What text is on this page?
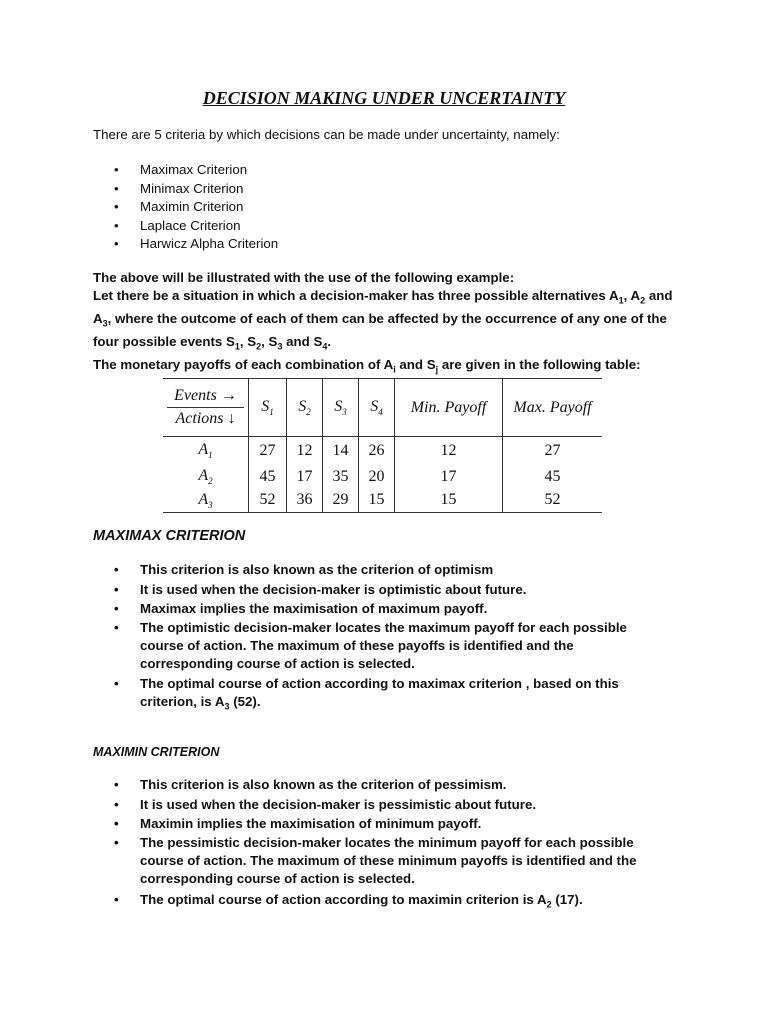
DECISION MAKING UNDER UNCERTAINTY
There are 5 criteria by which decisions can be made under uncertainty, namely:
• Maximax Criterion
• Minimax Criterion
• Maximin Criterion
• Laplace Criterion
• Harwicz Alpha Criterion
The above will be illustrated with the use of the following example:
Let there be a situation in which a decision-maker has three possible alternatives $A_1$, $A_2$ and
$A_3$, where the outcome of each of them can be affected by the occurrence of any one of the
four possible events $S_1$, $S_2$, $S_3$ and $S_4$.
The monetary payoffs of each combination of $A_i$ and $S_j$ are given in the following table:
Events →
Actions ↓	$S_1$	$S_2$	$S_3$	$S_4$	Min. Payoff	Max. Payoff
$A_1$	27	12	14	26	12	27
$A_2$	45	17	35	20	17	45
$A_3$	52	36	29	15	15	52
MAXIMAX CRITERION
• This criterion is also known as the criterion of optimism
• It is used when the decision-maker is optimistic about future.
• Maximax implies the maximisation of maximum payoff.
• The optimistic decision-maker locates the maximum payoff for each possible course of action. The maximum of these payoffs is identified and the corresponding course of action is selected.
• The optimal course of action according to maximax criterion , based on this criterion, is $A_3$ (52).
MAXIMIN CRITERION
• This criterion is also known as the criterion of pessimism.
• It is used when the decision-maker is pessimistic about future.
• Maximin implies the maximisation of minimum payoff.
• The pessimistic decision-maker locates the minimum payoff for each possible course of action. The maximum of these minimum payoffs is identified and the corresponding course of action is selected.
• The optimal course of action according to maximin criterion is $A_2$ (17).
